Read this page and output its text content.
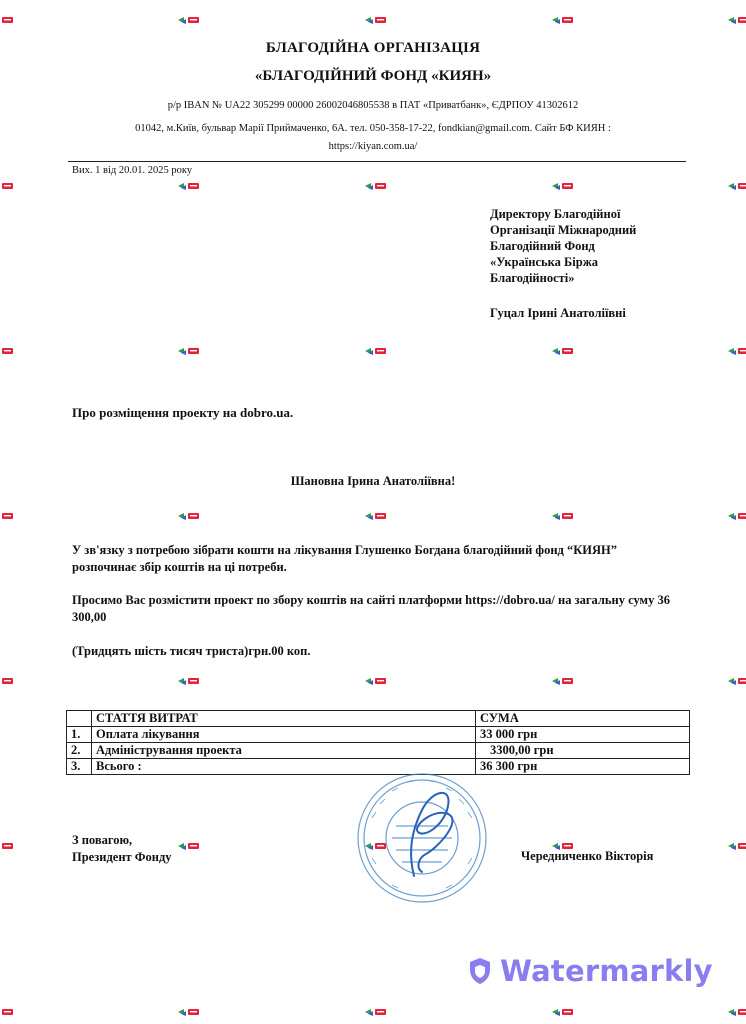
БЛАГОДІЙНА ОРГАНІЗАЦІЯ
«БЛАГОДІЙНИЙ ФОНД «КИЯН»
р/р IBAN № UA22 305299 00000 26002046805538 в ПАТ «Приватбанк», ЄДРПОУ 41302612
01042, м.Київ, бульвар Марії Приймаченко, 6А. тел. 050-358-17-22, fondkian@gmail.com. Сайт БФ КИЯН :
https://kiyan.com.ua/
Вих. 1 від 20.01. 2025 року
Директору Благодійної
Організації Міжнародний
Благодійний Фонд
«Українська Біржа
Благодійності»
Гуцал Ірині Анатоліївні
Про розміщення проекту на dobro.ua.
Шановна Ірина Анатоліївна!
У зв'язку з потребою зібрати кошти на лікування Глушенко Богдана благодійний фонд “КИЯН” розпочинає збір коштів на ці потреби.
Просимо Вас розмістити проект по збору коштів на сайті платформи https://dobro.ua/ на загальну суму 36 300,00
(Тридцять шість тисяч триста)грн.00 коп.
	СТАТТЯ ВИТРАТ	СУМА
1.	Оплата лікування	33 000 грн
2.	Адміністрування проекта	3300,00 грн
3.	Всього :	36 300 грн
З повагою,
Президент Фонду	Чередниченко Вікторія
Watermarkly
